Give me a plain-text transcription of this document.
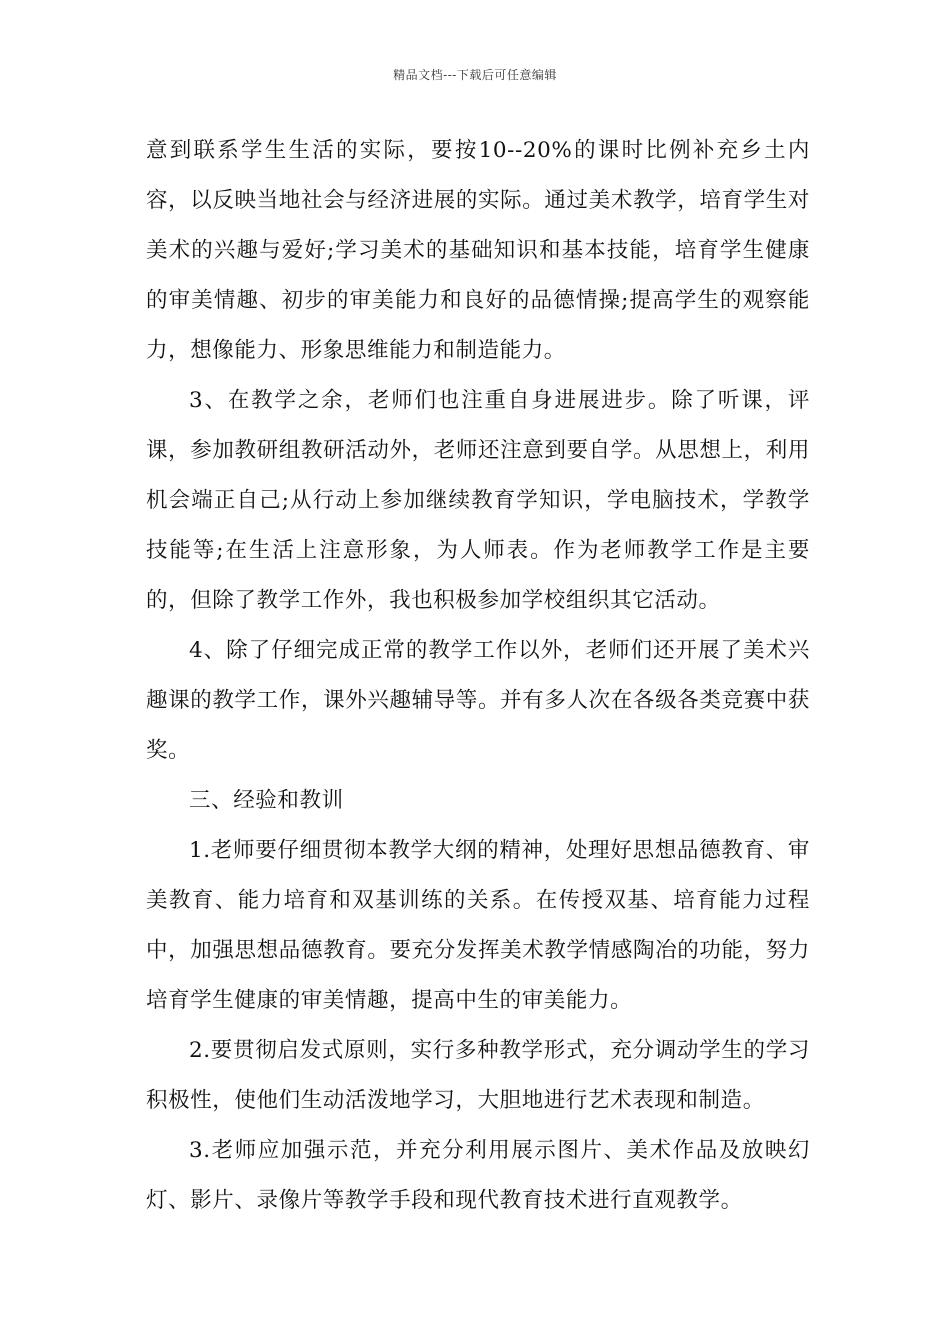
精品文档---下载后可任意编辑

意到联系学生生活的实际，要按10--20%的课时比例补充乡土内容，以反映当地社会与经济进展的实际。通过美术教学，培育学生对美术的兴趣与爱好;学习美术的基础知识和基本技能，培育学生健康的审美情趣、初步的审美能力和良好的品德情操;提高学生的观察能力，想像能力、形象思维能力和制造能力。

3、在教学之余，老师们也注重自身进展进步。除了听课，评课，参加教研组教研活动外，老师还注意到要自学。从思想上，利用机会端正自己;从行动上参加继续教育学知识，学电脑技术，学教学技能等;在生活上注意形象，为人师表。作为老师教学工作是主要的，但除了教学工作外，我也积极参加学校组织其它活动。

4、除了仔细完成正常的教学工作以外，老师们还开展了美术兴趣课的教学工作，课外兴趣辅导等。并有多人次在各级各类竞赛中获奖。

三、经验和教训

1.老师要仔细贯彻本教学大纲的精神，处理好思想品德教育、审美教育、能力培育和双基训练的关系。在传授双基、培育能力过程中，加强思想品德教育。要充分发挥美术教学情感陶冶的功能，努力培育学生健康的审美情趣，提高中生的审美能力。

2.要贯彻启发式原则，实行多种教学形式，充分调动学生的学习积极性，使他们生动活泼地学习，大胆地进行艺术表现和制造。

3.老师应加强示范，并充分利用展示图片、美术作品及放映幻灯、影片、录像片等教学手段和现代教育技术进行直观教学。
